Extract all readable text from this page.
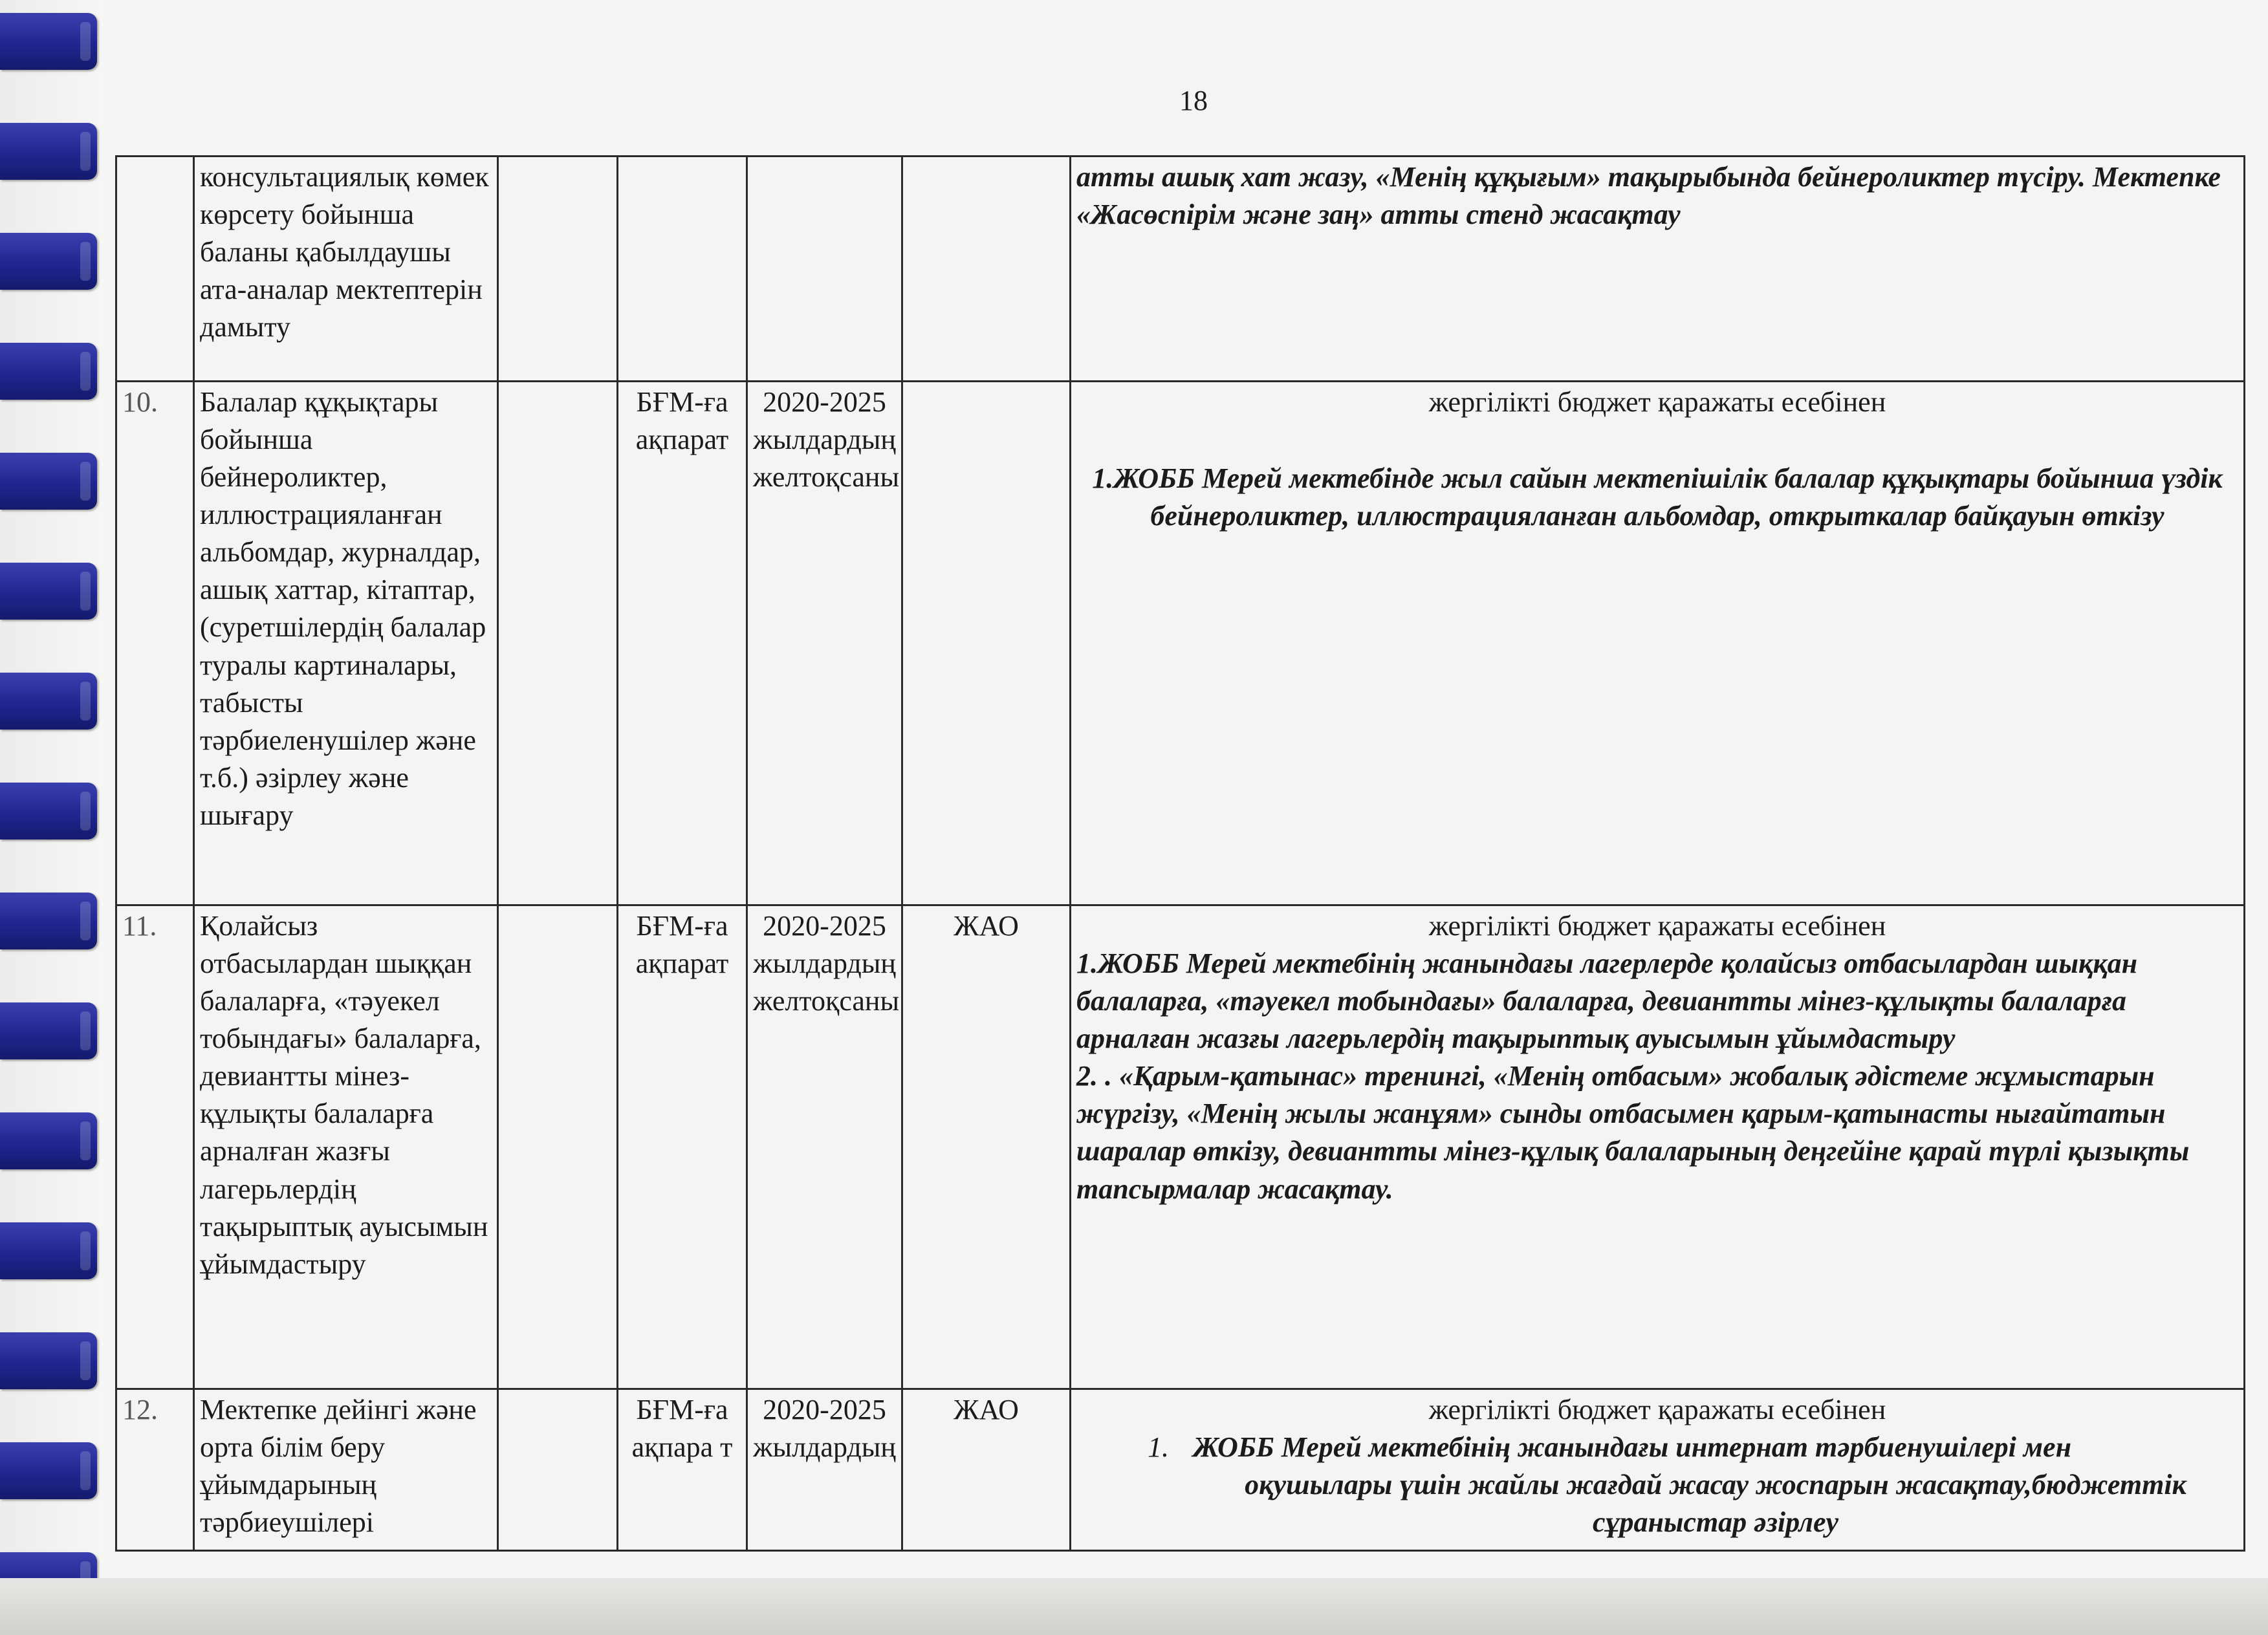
18
	консультациялық көмек көрсету бойынша баланы қабылдаушы ата-аналар мектептерін дамыту					атты ашық хат жазу, «Менің құқығым» тақырыбында бейнероликтер түсіру. Мектепке «Жасөспірім және заң» атты стенд жасақтау

10.	Балалар құқықтары бойынша бейнероликтер, иллюстрацияланған альбомдар, журналдар, ашық хаттар, кітаптар, (суретшілердің балалар туралы картиналары, табысты тәрбиеленушілер және т.б.) әзірлеу және шығару		БҒМ-ға ақпарат	2020-2025 жылдардың желтоқсаны		жергілікті бюджет қаражаты есебінен
1.ЖОББ Мерей мектебінде жыл сайын мектепішілік балалар құқықтары бойынша үздік бейнероликтер, иллюстрацияланған альбомдар, открыткалар байқауын өткізу

11.	Қолайсыз отбасылардан шыққан балаларға, «тәуекел тобындағы» балаларға, девиантты мінез-құлықты балаларға арналған жазғы лагерьлердің тақырыптық ауысымын ұйымдастыру		БҒМ-ға ақпарат	2020-2025 жылдардың желтоқсаны	ЖАО	жергілікті бюджет қаражаты есебінен
1.ЖОББ Мерей мектебінің жанындағы лагерлерде қолайсыз отбасылардан шыққан балаларға, «тәуекел тобындағы» балаларға, девиантты мінез-құлықты балаларға арналған жазғы лагерьлердің тақырыптық ауысымын ұйымдастыру
2. . «Қарым-қатынас» тренингі, «Менің отбасым» жобалық әдістеме жұмыстарын жүргізу, «Менің жылы жанұям» сынды отбасымен қарым-қатынасты нығайтатын шаралар өткізу, девиантты мінез-құлық балаларының деңгейіне қарай түрлі қызықты тапсырмалар жасақтау.

12.	Мектепке дейінгі және орта білім беру ұйымдарының тәрбиеушілері		БҒМ-ға ақпара т	2020-2025 жылдардың	ЖАО	жергілікті бюджет қаражаты есебінен
1. ЖОББ Мерей мектебінің жанындағы интернат тәрбиенушілері мен
оқушылары үшін жайлы жағдай жасау жоспарын жасақтау,бюджеттік сұраныстар әзірлеу
